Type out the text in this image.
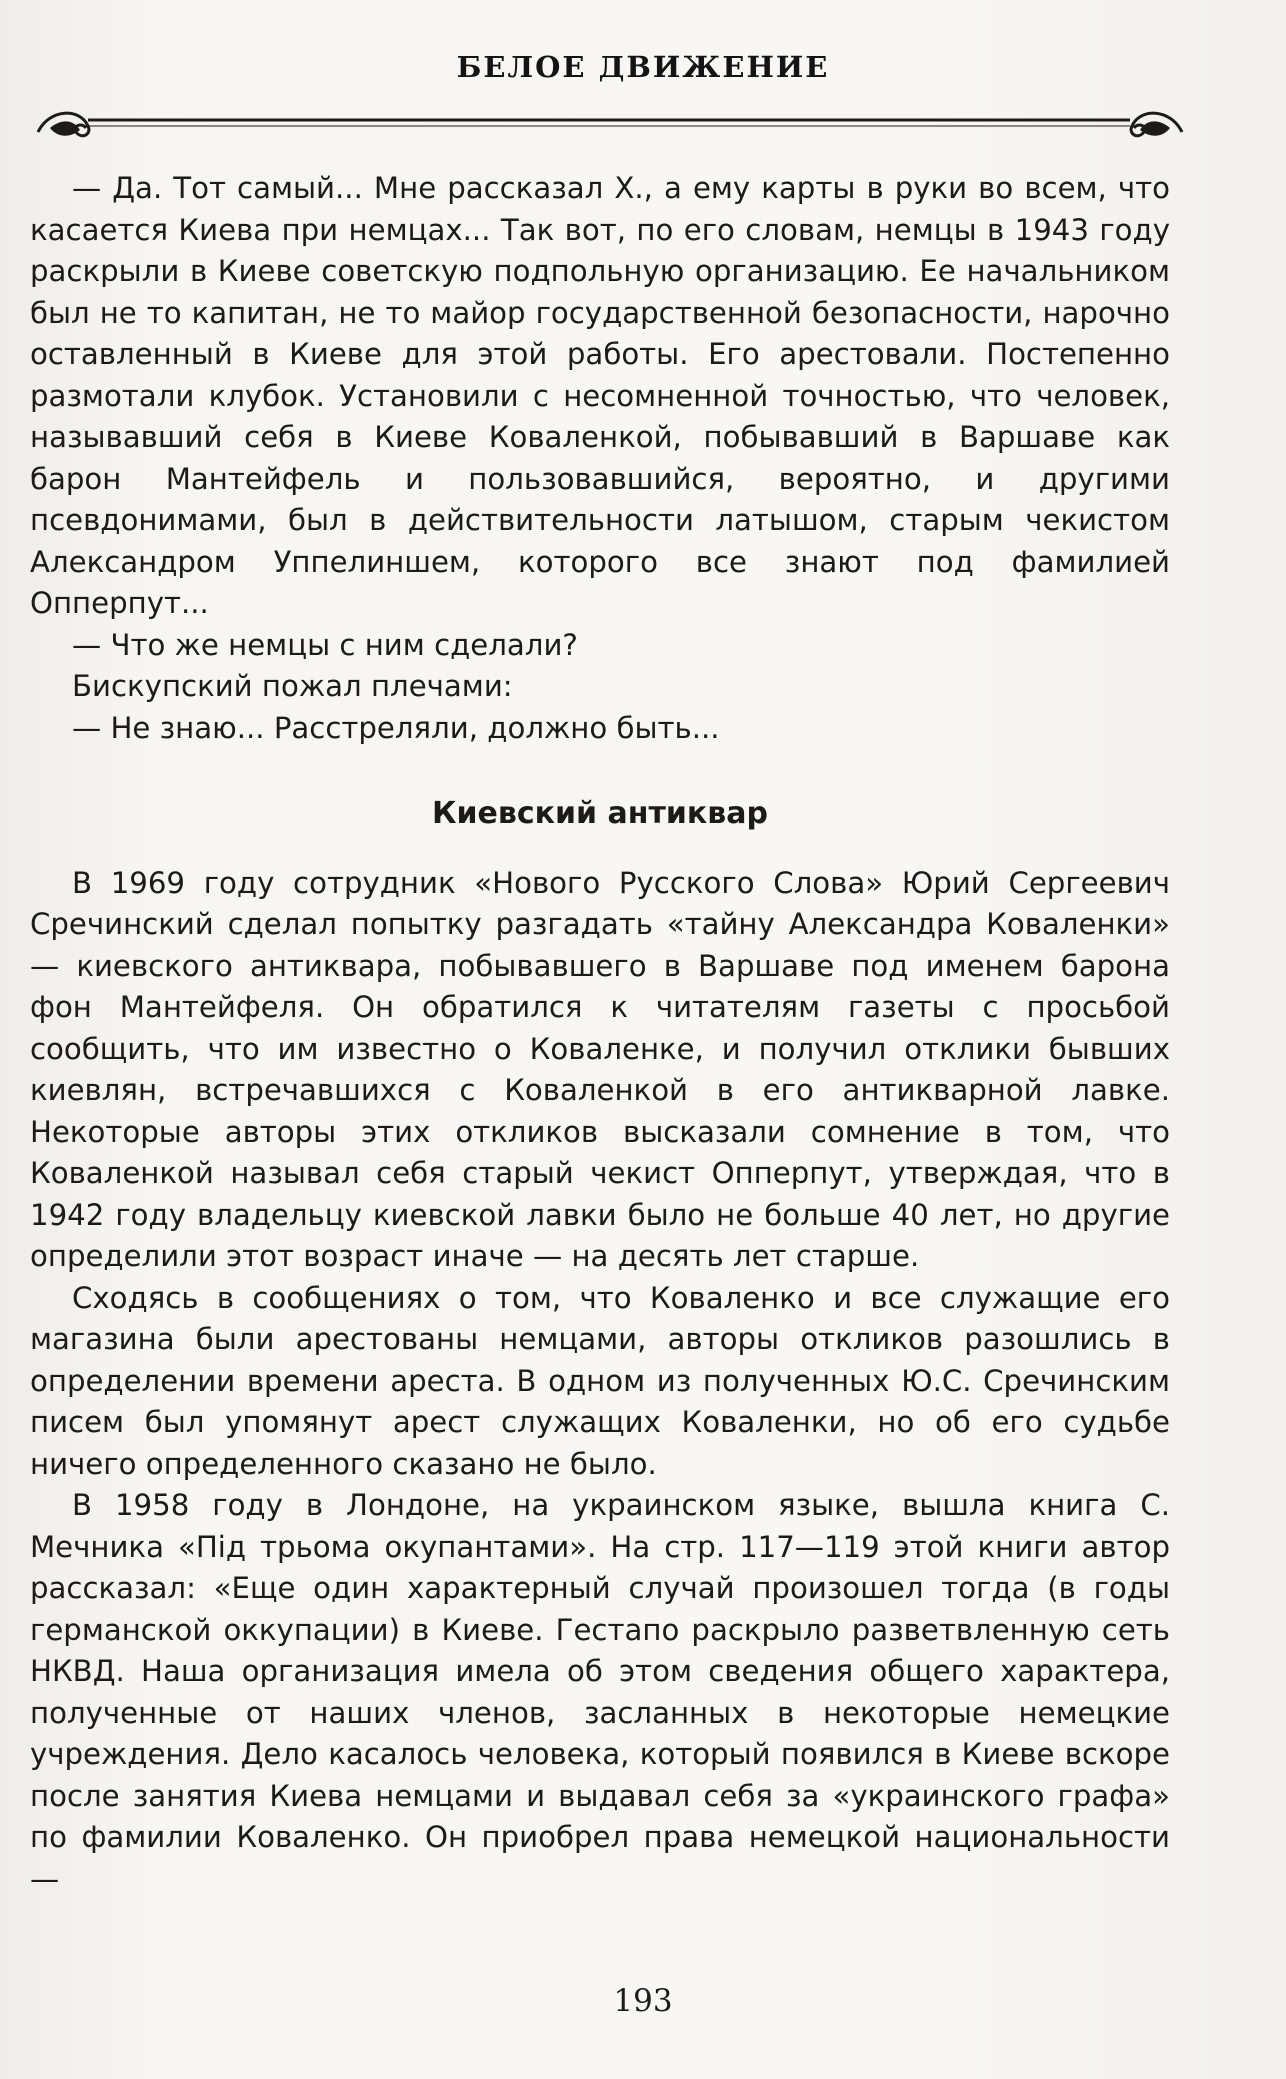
БЕЛОЕ ДВИЖЕНИЕ

— Да. Тот самый... Мне рассказал Х., а ему карты в руки во всем, что касается Киева при немцах... Так вот, по его словам, немцы в 1943 году раскрыли в Киеве советскую подпольную организацию. Ее начальником был не то капитан, не то майор государственной безопасности, нарочно оставленный в Киеве для этой работы. Его арестовали. Постепенно размотали клубок. Установили с несомненной точностью, что человек, называвший себя в Киеве Коваленкой, побывавший в Варшаве как барон Мантейфель и пользовавшийся, вероятно, и другими псевдонимами, был в действительности латышом, старым чекистом Александром Уппелиншем, которого все знают под фамилией Опперпут...

— Что же немцы с ним сделали?

Бискупский пожал плечами:

— Не знаю... Расстреляли, должно быть...

Киевский антиквар

В 1969 году сотрудник «Нового Русского Слова» Юрий Сергеевич Сречинский сделал попытку разгадать «тайну Александра Коваленки» — киевского антиквара, побывавшего в Варшаве под именем барона фон Мантейфеля. Он обратился к читателям газеты с просьбой сообщить, что им известно о Коваленке, и получил отклики бывших киевлян, встречавшихся с Коваленкой в его антикварной лавке. Некоторые авторы этих откликов высказали сомнение в том, что Коваленкой называл себя старый чекист Опперпут, утверждая, что в 1942 году владельцу киевской лавки было не больше 40 лет, но другие определили этот возраст иначе — на десять лет старше.

Сходясь в сообщениях о том, что Коваленко и все служащие его магазина были арестованы немцами, авторы откликов разошлись в определении времени ареста. В одном из полученных Ю.С. Сречинским писем был упомянут арест служащих Коваленки, но об его судьбе ничего определенного сказано не было.

В 1958 году в Лондоне, на украинском языке, вышла книга С. Мечника «Під трьома окупантами». На стр. 117—119 этой книги автор рассказал: «Еще один характерный случай произошел тогда (в годы германской оккупации) в Киеве. Гестапо раскрыло разветвленную сеть НКВД. Наша организация имела об этом сведения общего характера, полученные от наших членов, засланных в некоторые немецкие учреждения. Дело касалось человека, который появился в Киеве вскоре после занятия Киева немцами и выдавал себя за «украинского графа» по фамилии Коваленко. Он приобрел права немецкой национальности —

193
